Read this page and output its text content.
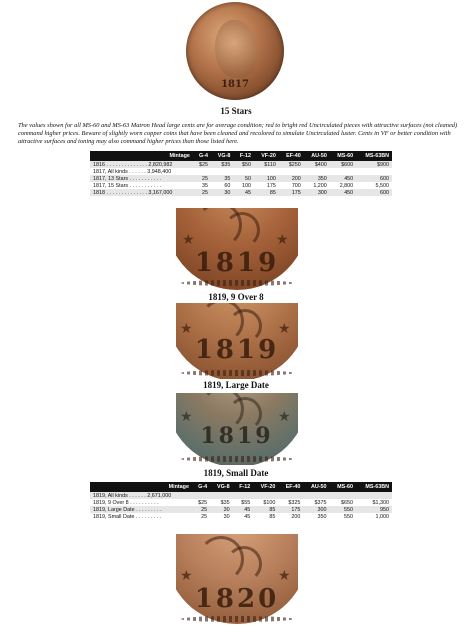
1817
15 Stars
The values shown for all MS-60 and MS-63 Matron Head large cents are for average condition; red to bright red Uncirculated pieces with attractive surfaces (not cleaned) command higher prices. Beware of slightly worn copper coins that have been cleaned and recolored to simulate Uncirculated luster. Cents in VF or better condition with attractive surfaces and toning may also command higher prices than those listed here.
	Mintage	G-4	VG-8	F-12	VF-20	EF-40	AU-50	MS-60	MS-63BN
1816 . . . . . . . . . . . . . . 2,820,982		$25	$35	$50	$110	$250	$400	$600	$900
1817, All kinds . . . . . . 3,948,400									
1817, 13 Stars . . . . . . . . . . .		25	35	50	100	200	350	450	600
1817, 15 Stars . . . . . . . . . . .		35	60	100	175	700	1,200	2,800	5,500
1818 . . . . . . . . . . . . . . 3,167,000		25	30	45	85	175	300	450	600
★	★
1819
1819, 9 Over 8
★	★
1819
1819, Large Date
★	★
1819
1819, Small Date
	Mintage	G-4	VG-8	F-12	VF-20	EF-40	AU-50	MS-60	MS-63BN
1819, All kinds . . . . . . 2,671,000									
1819, 9 Over 8 . . . . . . . . . .		$25	$35	$55	$100	$325	$375	$650	$1,300
1819, Large Date . . . . . . . . .		25	30	45	85	175	300	550	950
1819, Small Date . . . . . . . . .		25	30	45	85	200	350	550	1,000
★	★
1820
